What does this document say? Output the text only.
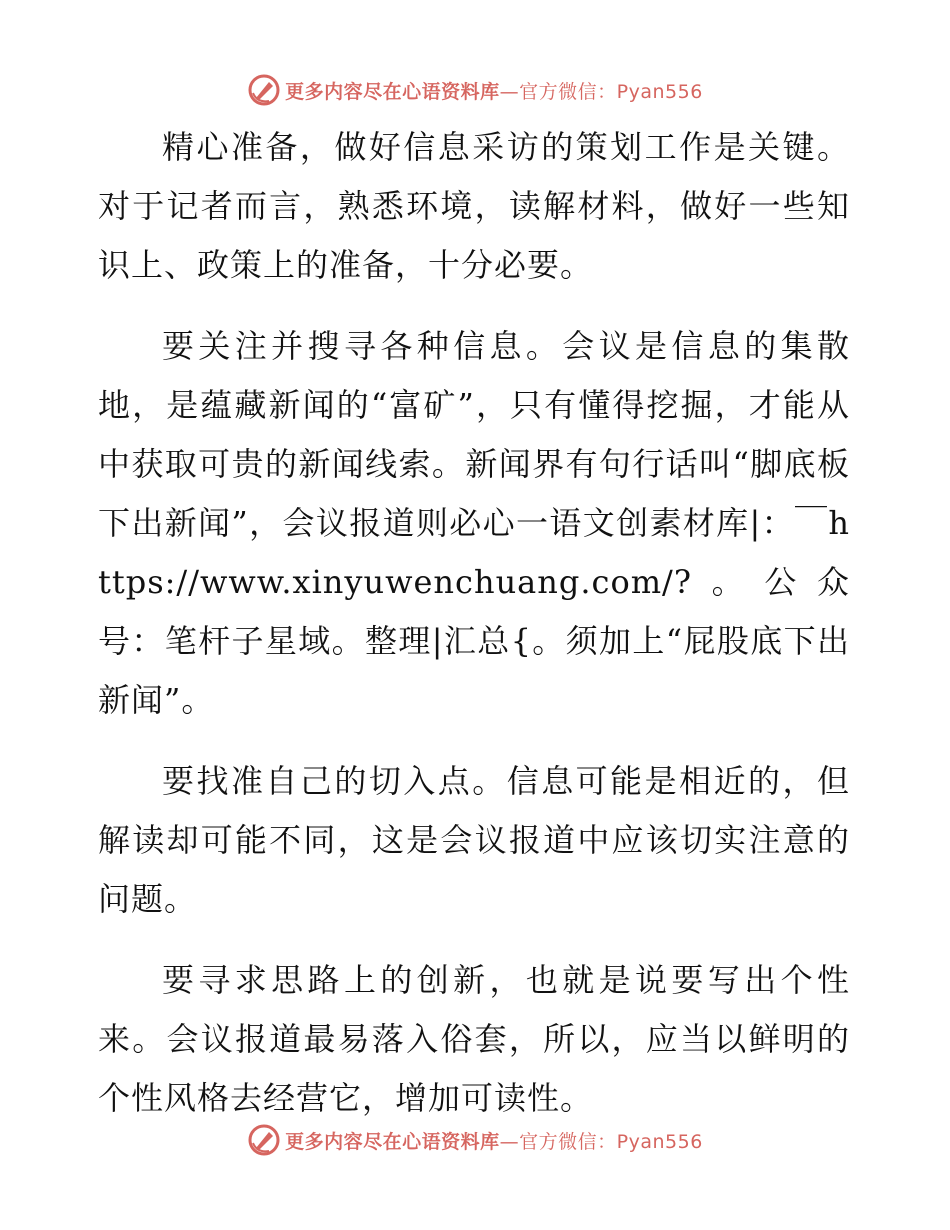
更多内容尽在心语资料库—官方微信：Pyan556

精心准备，做好信息采访的策划工作是关键。对于记者而言，熟悉环境，读解材料，做好一些知识上、政策上的准备，十分必要。

要关注并搜寻各种信息。会议是信息的集散地，是蕴藏新闻的“富矿”，只有懂得挖掘，才能从中获取可贵的新闻线索。新闻界有句行话叫“脚底板下出新闻”，会议报道则必心一语文创素材库|：￣https://www.xinyuwenchuang.com/?。公众号：笔杆子星域。整理|汇总{。须加上“屁股底下出新闻”。

要找准自己的切入点。信息可能是相近的，但解读却可能不同，这是会议报道中应该切实注意的问题。

要寻求思路上的创新，也就是说要写出个性来。会议报道最易落入俗套，所以，应当以鲜明的个性风格去经营它，增加可读性。

更多内容尽在心语资料库—官方微信：Pyan556
